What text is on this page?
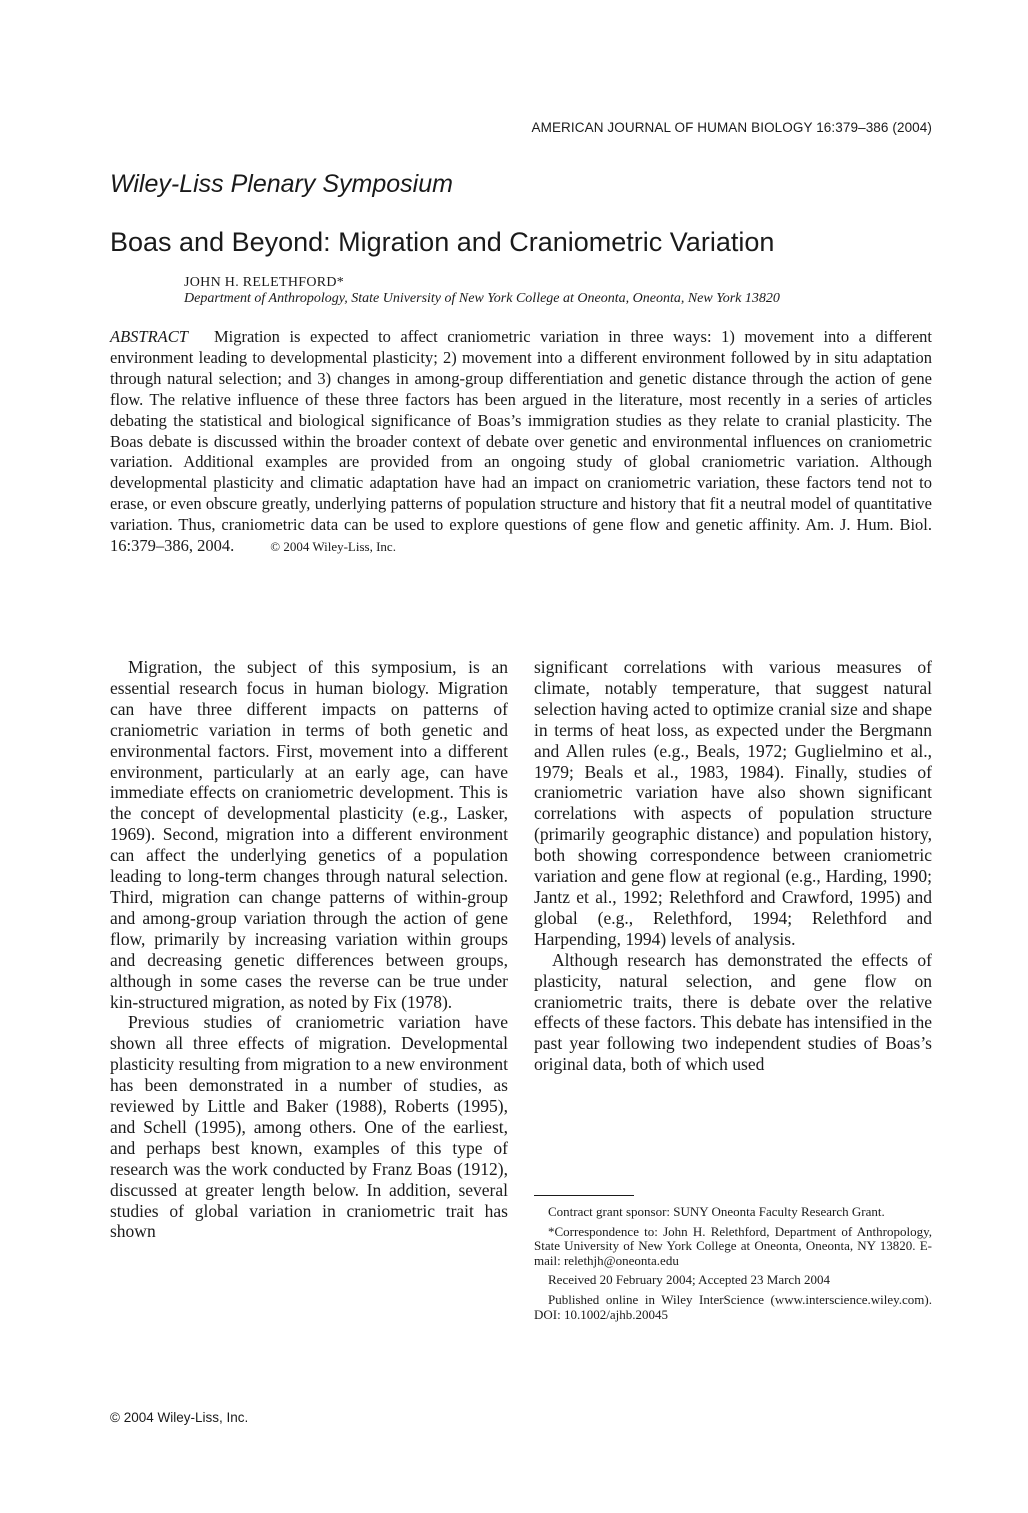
AMERICAN JOURNAL OF HUMAN BIOLOGY 16:379–386 (2004)
Wiley-Liss Plenary Symposium
Boas and Beyond: Migration and Craniometric Variation
JOHN H. RELETHFORD*
Department of Anthropology, State University of New York College at Oneonta, Oneonta, New York 13820
ABSTRACT Migration is expected to affect craniometric variation in three ways: 1) movement into a different environment leading to developmental plasticity; 2) movement into a different environment followed by in situ adaptation through natural selection; and 3) changes in among-group differentiation and genetic distance through the action of gene flow. The relative influence of these three factors has been argued in the literature, most recently in a series of articles debating the statistical and biological significance of Boas’s immigration studies as they relate to cranial plasticity. The Boas debate is discussed within the broader context of debate over genetic and environmental influences on craniometric variation. Additional examples are provided from an ongoing study of global craniometric variation. Although developmental plasticity and climatic adaptation have had an impact on craniometric variation, these factors tend not to erase, or even obscure greatly, underlying patterns of population structure and history that fit a neutral model of quantitative variation. Thus, craniometric data can be used to explore questions of gene flow and genetic affinity. Am. J. Hum. Biol. 16:379–386, 2004.	© 2004 Wiley-Liss, Inc.

Migration, the subject of this symposium, is an essential research focus in human biology. Migration can have three different impacts on patterns of craniometric variation in terms of both genetic and environmental factors. First, movement into a different environment, particularly at an early age, can have immediate effects on craniometric development. This is the concept of developmental plasticity (e.g., Lasker, 1969). Second, migration into a different environment can affect the underlying genetics of a population leading to long-term changes through natural selection. Third, migration can change patterns of within-group and among-group variation through the action of gene flow, primarily by increasing variation within groups and decreasing genetic differences between groups, although in some cases the reverse can be true under kin-structured migration, as noted by Fix (1978).

Previous studies of craniometric variation have shown all three effects of migration. Developmental plasticity resulting from migration to a new environment has been demonstrated in a number of studies, as reviewed by Little and Baker (1988), Roberts (1995), and Schell (1995), among others. One of the earliest, and perhaps best known, examples of this type of research was the work conducted by Franz Boas (1912), discussed at greater length below. In addition, several studies of global variation in craniometric trait has shown

significant correlations with various measures of climate, notably temperature, that suggest natural selection having acted to optimize cranial size and shape in terms of heat loss, as expected under the Bergmann and Allen rules (e.g., Beals, 1972; Guglielmino et al., 1979; Beals et al., 1983, 1984). Finally, studies of craniometric variation have also shown significant correlations with aspects of population structure (primarily geographic distance) and population history, both showing correspondence between craniometric variation and gene flow at regional (e.g., Harding, 1990; Jantz et al., 1992; Relethford and Crawford, 1995) and global (e.g., Relethford, 1994; Relethford and Harpending, 1994) levels of analysis.

Although research has demonstrated the effects of plasticity, natural selection, and gene flow on craniometric traits, there is debate over the relative effects of these factors. This debate has intensified in the past year following two independent studies of Boas’s original data, both of which used

Contract grant sponsor: SUNY Oneonta Faculty Research Grant.

*Correspondence to: John H. Relethford, Department of Anthropology, State University of New York College at Oneonta, Oneonta, NY 13820. E-mail: relethjh@oneonta.edu

Received 20 February 2004; Accepted 23 March 2004

Published online in Wiley InterScience (www.interscience.wiley.com). DOI: 10.1002/ajhb.20045

© 2004 Wiley-Liss, Inc.
